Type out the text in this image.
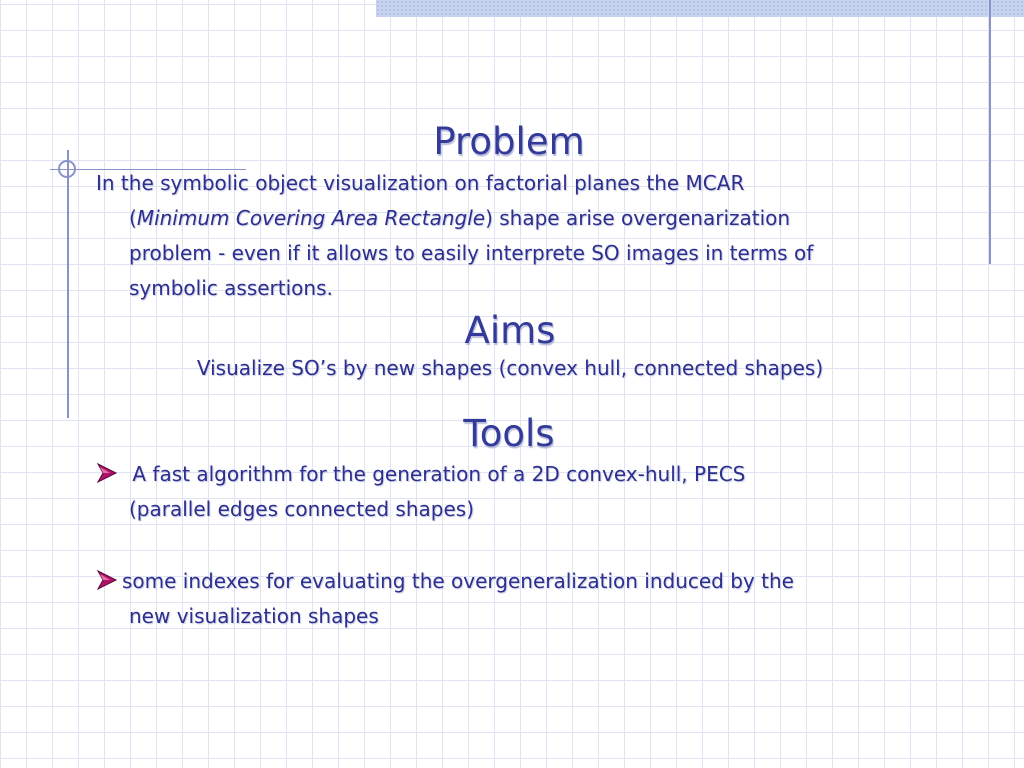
Problem
In the symbolic object visualization on factorial planes the MCAR
(Minimum Covering Area Rectangle) shape arise overgenarization
problem - even if it allows to easily interprete SO images in terms of
symbolic assertions.
Aims
Visualize SO’s by new shapes (convex hull, connected shapes)
Tools
A fast algorithm for the generation of a 2D convex-hull, PECS
(parallel edges connected shapes)
some indexes for evaluating the overgeneralization induced by the
new visualization shapes
